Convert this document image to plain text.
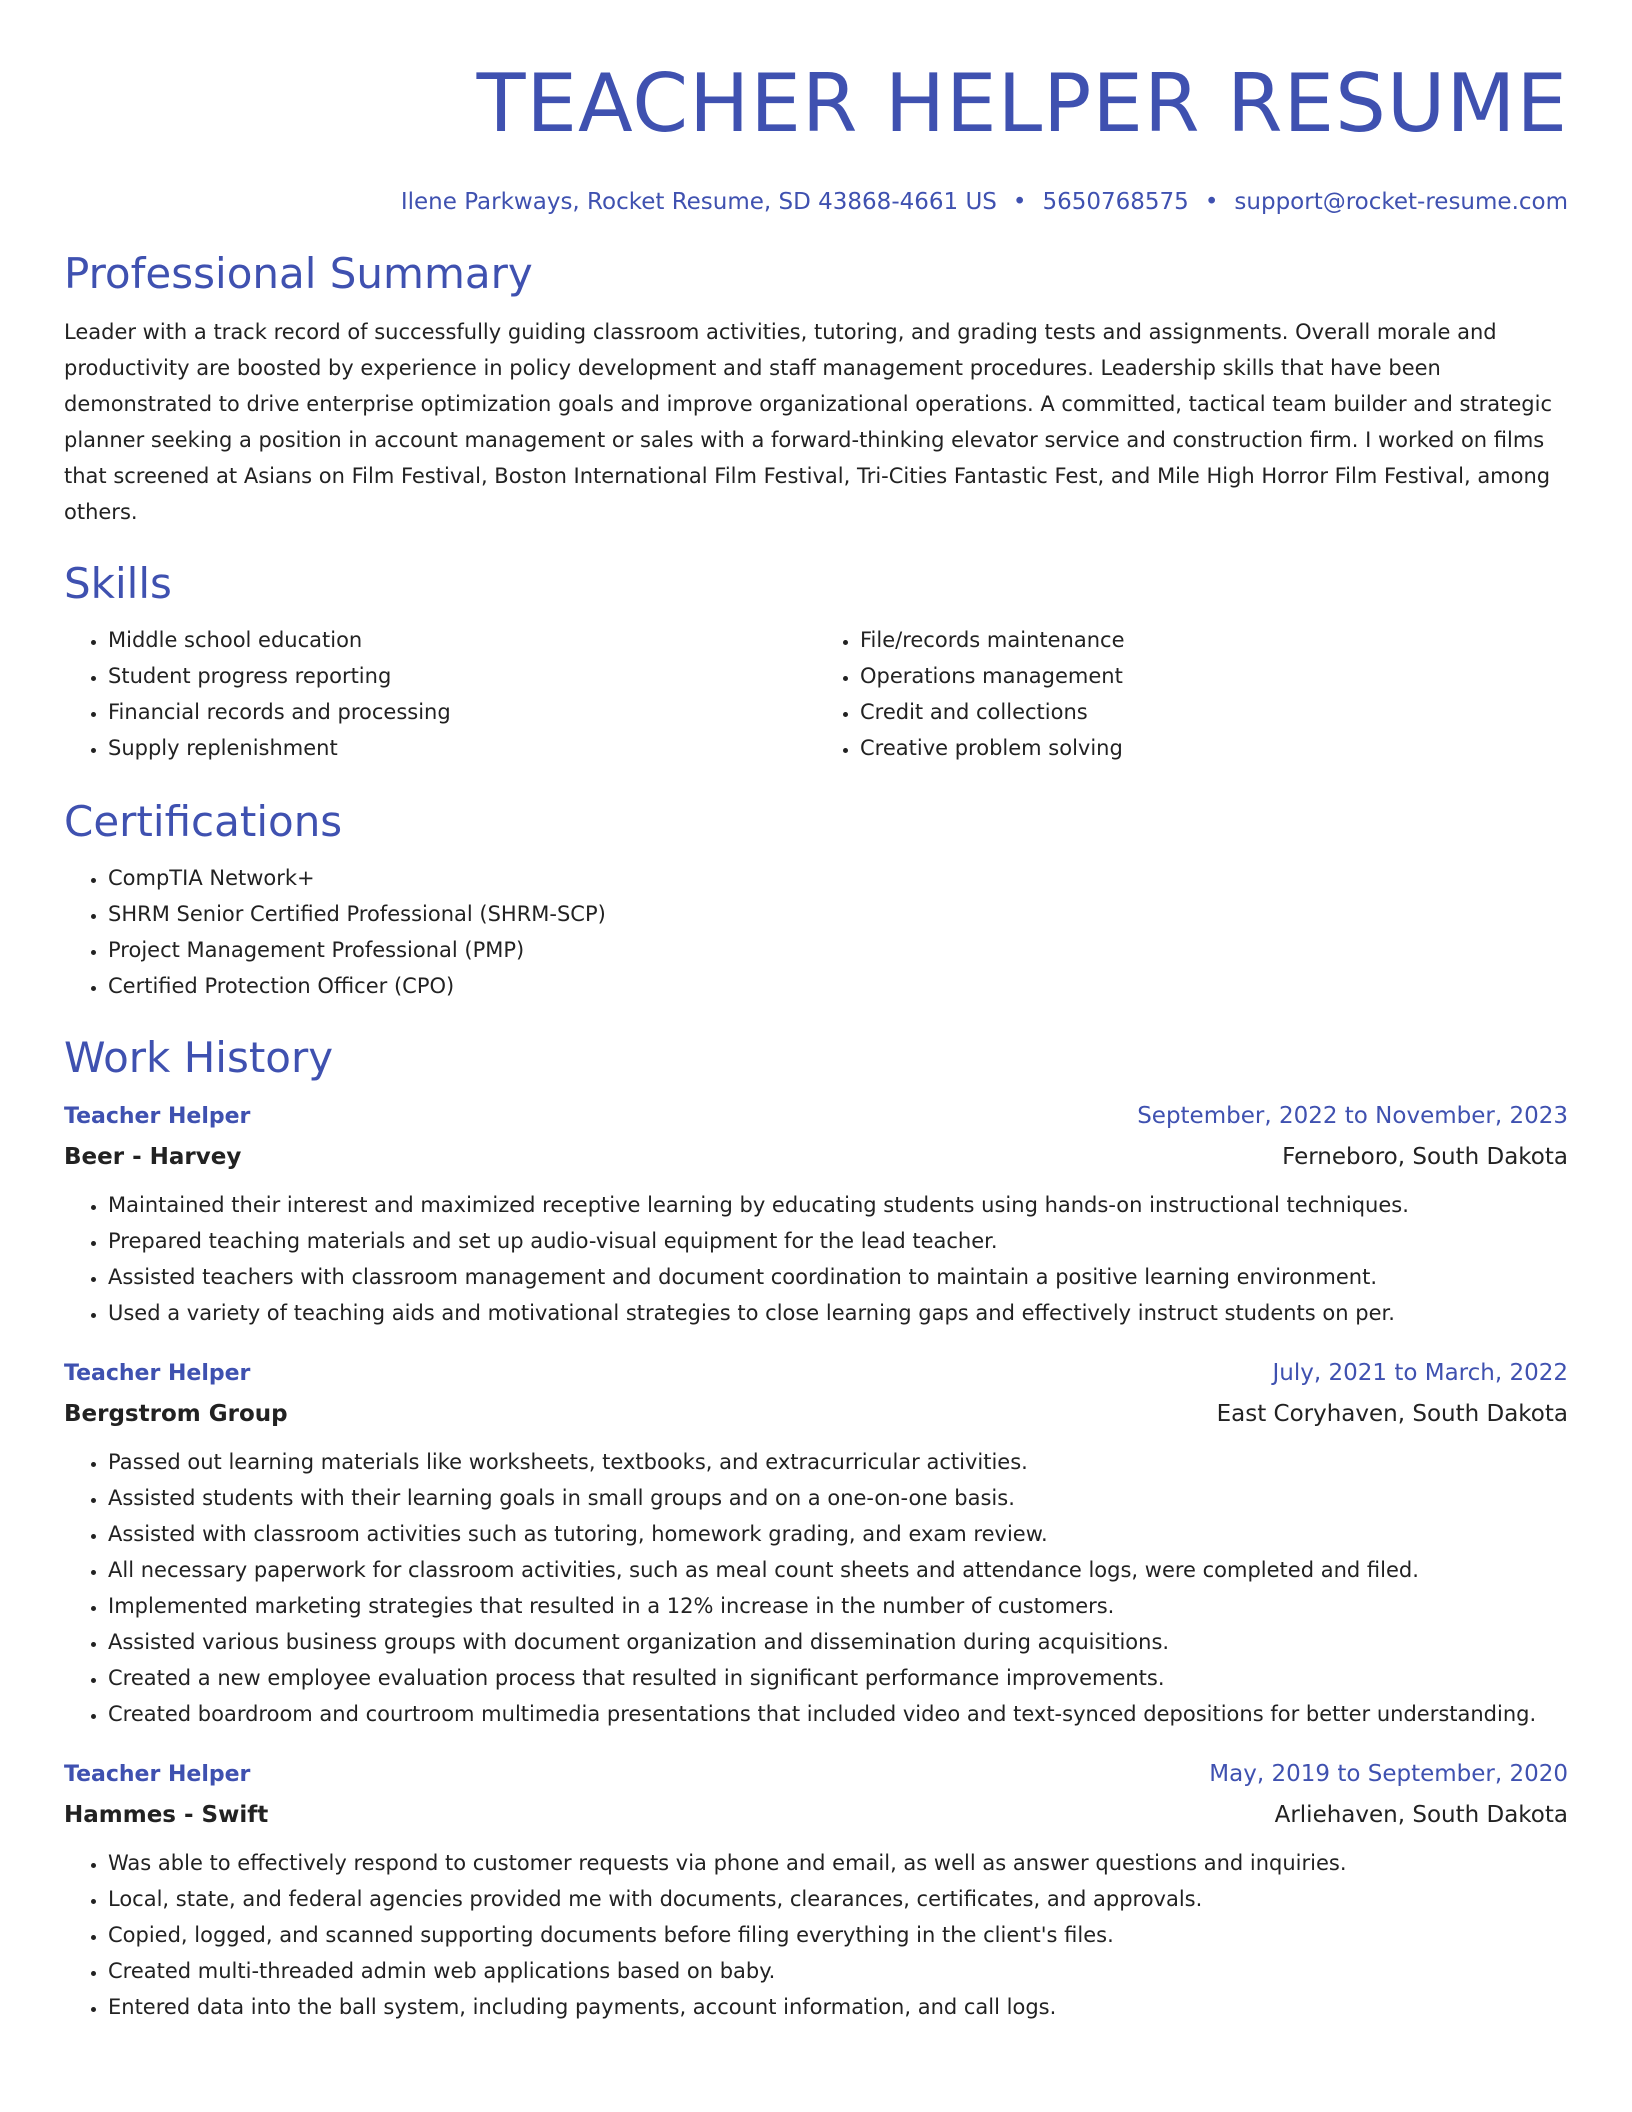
TEACHER HELPER RESUME
Ilene Parkways, Rocket Resume, SD 43868-4661 US • 5650768575 • support@rocket-resume.com
Professional Summary

Leader with a track record of successfully guiding classroom activities, tutoring, and grading tests and assignments. Overall morale and productivity are boosted by experience in policy development and staff management procedures. Leadership skills that have been demonstrated to drive enterprise optimization goals and improve organizational operations. A committed, tactical team builder and strategic planner seeking a position in account management or sales with a forward-thinking elevator service and construction firm. I worked on films that screened at Asians on Film Festival, Boston International Film Festival, Tri-Cities Fantastic Fest, and Mile High Horror Film Festival, among others.

Skills
• Middle school education
• Student progress reporting
• Financial records and processing
• Supply replenishment
• File/records maintenance
• Operations management
• Credit and collections
• Creative problem solving
Certifications
• CompTIA Network+
• SHRM Senior Certified Professional (SHRM-SCP)
• Project Management Professional (PMP)
• Certified Protection Officer (CPO)
Work History
Teacher Helper	September, 2022 to November, 2023
Beer - Harvey	Ferneboro, South Dakota
• Maintained their interest and maximized receptive learning by educating students using hands-on instructional techniques.
• Prepared teaching materials and set up audio-visual equipment for the lead teacher.
• Assisted teachers with classroom management and document coordination to maintain a positive learning environment.
• Used a variety of teaching aids and motivational strategies to close learning gaps and effectively instruct students on per.
Teacher Helper	July, 2021 to March, 2022
Bergstrom Group	East Coryhaven, South Dakota
• Passed out learning materials like worksheets, textbooks, and extracurricular activities.
• Assisted students with their learning goals in small groups and on a one-on-one basis.
• Assisted with classroom activities such as tutoring, homework grading, and exam review.
• All necessary paperwork for classroom activities, such as meal count sheets and attendance logs, were completed and filed.
• Implemented marketing strategies that resulted in a 12% increase in the number of customers.
• Assisted various business groups with document organization and dissemination during acquisitions.
• Created a new employee evaluation process that resulted in significant performance improvements.
• Created boardroom and courtroom multimedia presentations that included video and text-synced depositions for better understanding.
Teacher Helper	May, 2019 to September, 2020
Hammes - Swift	Arliehaven, South Dakota
• Was able to effectively respond to customer requests via phone and email, as well as answer questions and inquiries.
• Local, state, and federal agencies provided me with documents, clearances, certificates, and approvals.
• Copied, logged, and scanned supporting documents before filing everything in the client's files.
• Created multi-threaded admin web applications based on baby.
• Entered data into the ball system, including payments, account information, and call logs.
